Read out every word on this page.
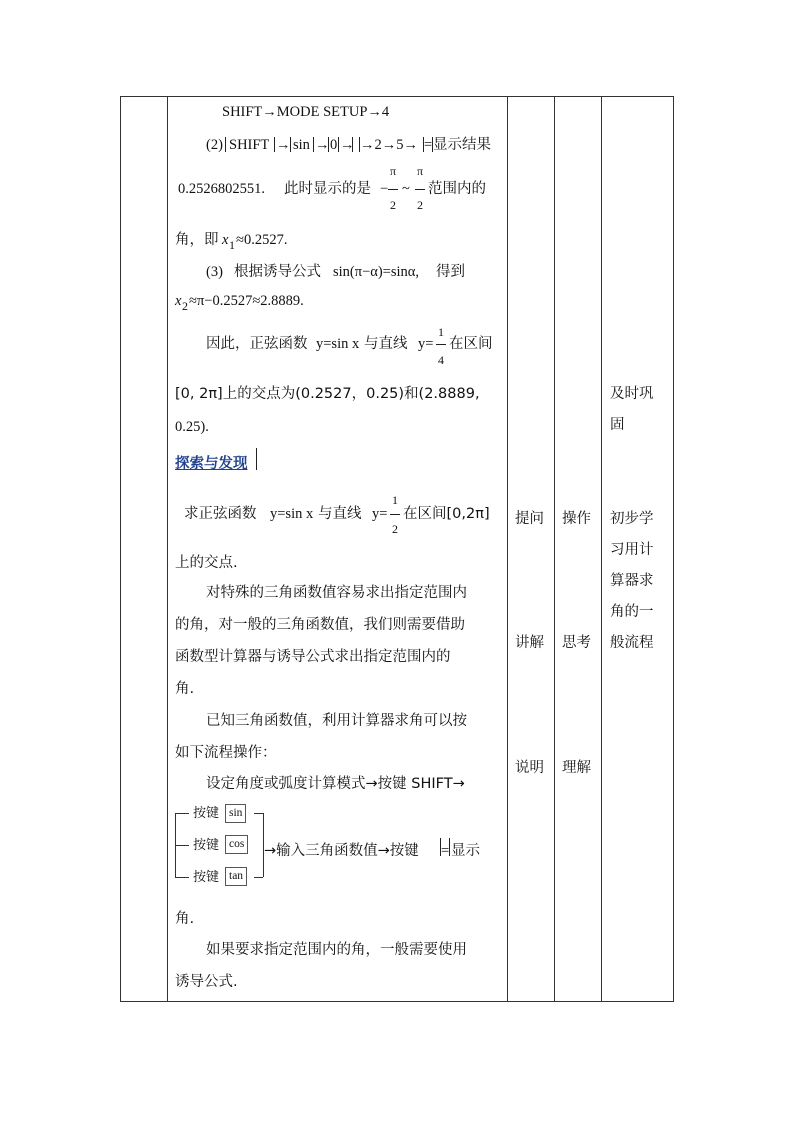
SHIFT→MODE SETUP→4
(2) SHIFT → sin → 0 → →2→5→ = 显示结果
0.2526802551. 此时显示的是 −
π
2
~
π
2
范围内的
角，即 x 1 ≈0.2527.
(3) 根据诱导公式 sin(π−α)=sinα, 得到
x 2 ≈π−0.2527≈2.8889.
因此，正弦函数 y=sin x 与直线 y=
1
4
在区间
[0, 2π]上的交点为(0.2527，0.25)和(2.8889,
0.25).
探索与发现
求正弦函数 y=sin x 与直线 y=
1
2
在区间[0,2π]
上的交点.
对特殊的三角函数值容易求出指定范围内
的角，对一般的三角函数值，我们则需要借助
函数型计算器与诱导公式求出指定范围内的
角.
已知三角函数值，利用计算器求角可以按
如下流程操作：
设定角度或弧度计算模式→按键 SHIFT→
按键 sin
按键 cos
按键 tan
→输入三角函数值→按键 = 显示
角.
如果要求指定范围内的角，一般需要使用
诱导公式.
提问
讲解
说明
操作
思考
理解
及时巩
固
初步学
习用计
算器求
角的一
般流程
